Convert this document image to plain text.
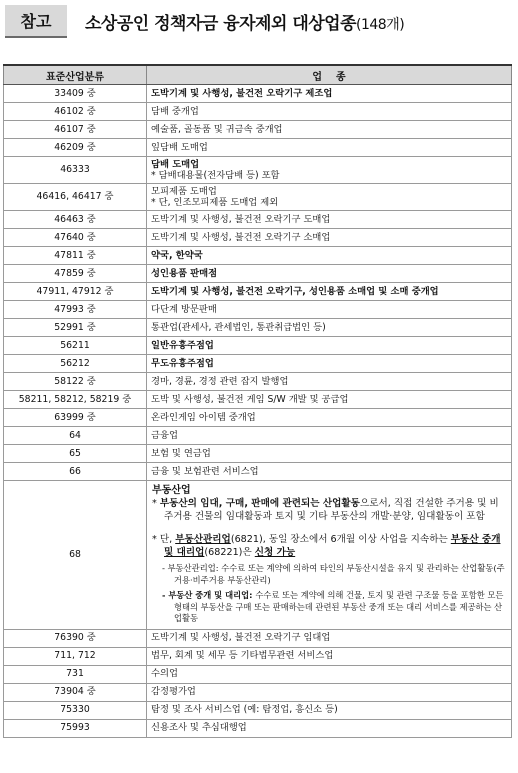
참고	소상공인 정책자금 융자제외 대상업종(148개)
표준산업분류	업    종
33409 중	도박기계 및 사행성, 불건전 오락기구 제조업

46102 중	담배 중개업

46107 중	예술품, 골동품 및 귀금속 중개업

46209 중	잎담배 도매업

46333	담배 도매업
* 담배대용물(전자담배 등) 포함

46416, 46417 중	모피제품 도매업
* 단, 인조모피제품 도매업 제외

46463 중	도박기계 및 사행성, 불건전 오락기구 도매업

47640 중	도박기계 및 사행성, 불건전 오락기구 소매업

47811 중	약국, 한약국

47859 중	성인용품 판매점

47911, 47912 중	도박기계 및 사행성, 불건전 오락기구, 성인용품 소매업 및 소매 중개업

47993 중	다단계 방문판매

52991 중	통관업(관세사, 관세법인, 통관취급법인 등)

56211	일반유흥주점업

56212	무도유흥주점업

58122 중	경마, 경륜, 경정 관련 잡지 발행업

58211, 58212, 58219 중	도박 및 사행성, 불건전 게임 S/W 개발 및 공급업

63999 중	온라인게임 아이템 중개업

64	금융업

65	보험 및 연금업

66	금융 및 보험관련 서비스업

68	부동산업
* 부동산의 임대, 구매, 판매에 관련되는 산업활동으로서, 직접 건설한 주거용 및 비주거용 건물의 임대활동과 토지 및 기타 부동산의 개발·분양, 임대활동이 포함
* 단, 부동산관리업(6821), 동일 장소에서 6개월 이상 사업을 지속하는 부동산 중개 및 대리업(68221)은 신청 가능
- 부동산관리업: 수수료 또는 계약에 의하여 타인의 부동산시설을 유지 및 관리하는 산업활동(주거용·비주거용 부동산관리)
- 부동산 중개 및 대리업: 수수료 또는 계약에 의해 건물, 토지 및 관련 구조물 등을 포함한 모든 형태의 부동산을 구매 또는 판매하는데 관련된 부동산 중개 또는 대리 서비스를 제공하는 산업활동

76390 중	도박기계 및 사행성, 불건전 오락기구 임대업

711, 712	법무, 회계 및 세무 등 기타법무관련 서비스업

731	수의업

73904 중	감정평가업

75330	탐정 및 조사 서비스업 (예: 탐정업, 흥신소 등)

75993	신용조사 및 추심대행업
